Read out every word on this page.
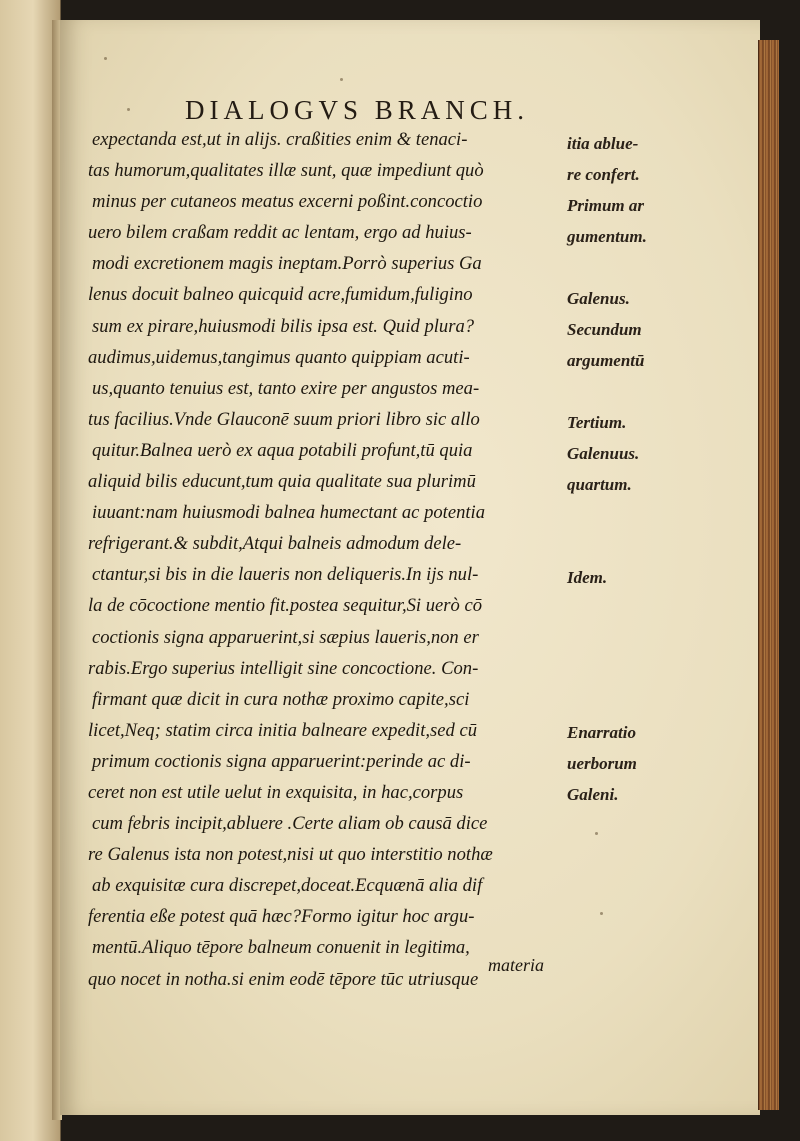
DIALOGVS BRANCH.
expectanda est,ut in alijs. craßities enim & tenaci-
tas humorum,qualitates illæ sunt, quæ impediunt quò
minus per cutaneos meatus excerni poßint.concoctio
uero bilem craßam reddit ac lentam, ergo ad huius-
modi excretionem magis ineptam.Porrò superius Ga
lenus docuit balneo quicquid acre,fumidum,fuligino
sum ex pirare,huiusmodi bilis ipsa est. Quid plura?
audimus,uidemus,tangimus quanto quippiam acuti-
us,quanto tenuius est, tanto exire per angustos mea-
tus facilius.Vnde Glauconē suum priori libro sic allo
quitur.Balnea uerò ex aqua potabili profunt,tū quia
aliquid bilis educunt,tum quia qualitate sua plurimū
iuuant:nam huiusmodi balnea humectant ac potentia
refrigerant.& subdit,Atqui balneis admodum dele-
ctantur,si bis in die laueris non deliqueris.In ijs nul-
la de cōcoctione mentio fit.postea sequitur,Si uerò cō
coctionis signa apparuerint,si sæpius laueris,non er
rabis.Ergo superius intelligit sine concoctione. Con-
firmant quæ dicit in cura nothæ proximo capite,sci
licet,Neq; statim circa initia balneare expedit,sed cū
primum coctionis signa apparuerint:perinde ac di-
ceret non est utile uelut in exquisita, in hac,corpus
cum febris incipit,abluere .Certe aliam ob causā dice
re Galenus ista non potest,nisi ut quo interstitio nothæ
ab exquisitæ cura discrepet,doceat.Ecquænā alia dif
ferentia eße potest quā hæc?Formo igitur hoc argu-
mentū.Aliquo tēpore balneum conuenit in legitima,
quo nocet in notha.si enim eodē tēpore tūc utriusque
materia
itia ablue-
re confert.
Primum ar
gumentum.
Galenus.
Secundum
argumentū
Tertium.
Galenuus.
quartum.
Idem.
Enarratio
uerborum
Galeni.
